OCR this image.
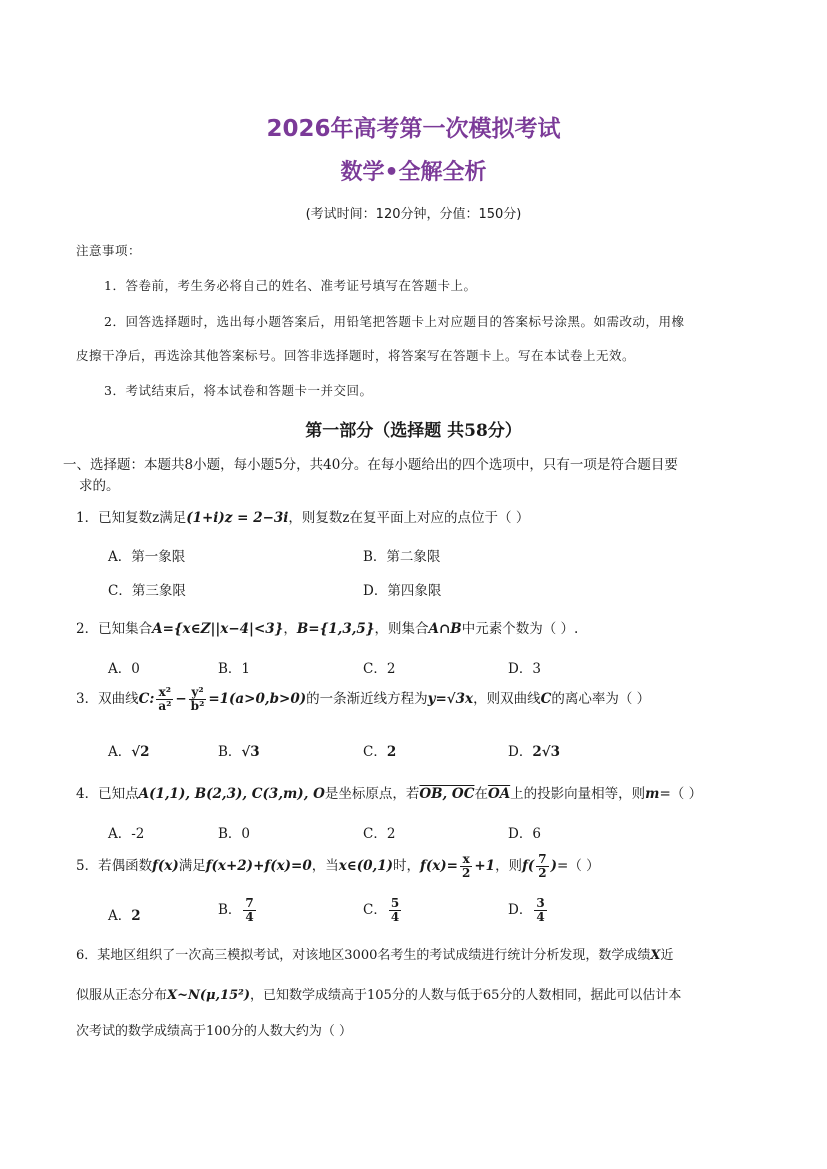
2026年高考第一次模拟考试
数学•全解全析
(考试时间：120分钟，分值：150分)
注意事项：
1．答卷前，考生务必将自己的姓名、准考证号填写在答题卡上。
2．回答选择题时，选出每小题答案后，用铅笔把答题卡上对应题目的答案标号涂黑。如需改动，用橡
皮擦干净后，再选涂其他答案标号。回答非选择题时，将答案写在答题卡上。写在本试卷上无效。
3．考试结束后，将本试卷和答题卡一并交回。
第一部分（选择题 共58分）
一、选择题：本题共8小题，每小题5分，共40分。在每小题给出的四个选项中，只有一项是符合题目要
求的。
1．已知复数z满足(1+i)z = 2−3i，则复数z在复平面上对应的点位于（ ）
A．第一象限	B．第二象限
C．第三象限	D．第四象限
2．已知集合A={x∈Z||x−4|<3}，B={1,3,5}，则集合A∩B中元素个数为（ ）.
A．0	B．1	C．2	D．3
3．双曲线C: $\frac{\text{x²}}{\text{a²}} - \frac{\text{y²}}{\text{b²}} =1(a>0,b>0)$的一条渐近线方程为y=√3x，则双曲线C的离心率为（ ）
A．√2	B．√3	C．2	D．2√3
4．已知点A(1,1), B(2,3), C(3,m), O是坐标原点，若OB, OC在$\overline{OA}$上的投影向量相等，则m=（ ）
A．-2	B．0	C．2	D．6
5．若偶函数f(x)满足f(x+2)+f(x)=0，当x∈(0,1)时，$f(x)= \frac{x}{2} +1$，则$f( \frac{7}{2}$ )=（ ）
A．2	B． $\frac{7}{4}$	C． $\frac{5}{4}$	D． $\frac{3}{4}$
6．某地区组织了一次高三模拟考试，对该地区3000名考生的考试成绩进行统计分析发现，数学成绩X近
似服从正态分布X~N(μ,15²)，已知数学成绩高于105分的人数与低于65分的人数相同，据此可以估计本
次考试的数学成绩高于100分的人数大约为（ ）
